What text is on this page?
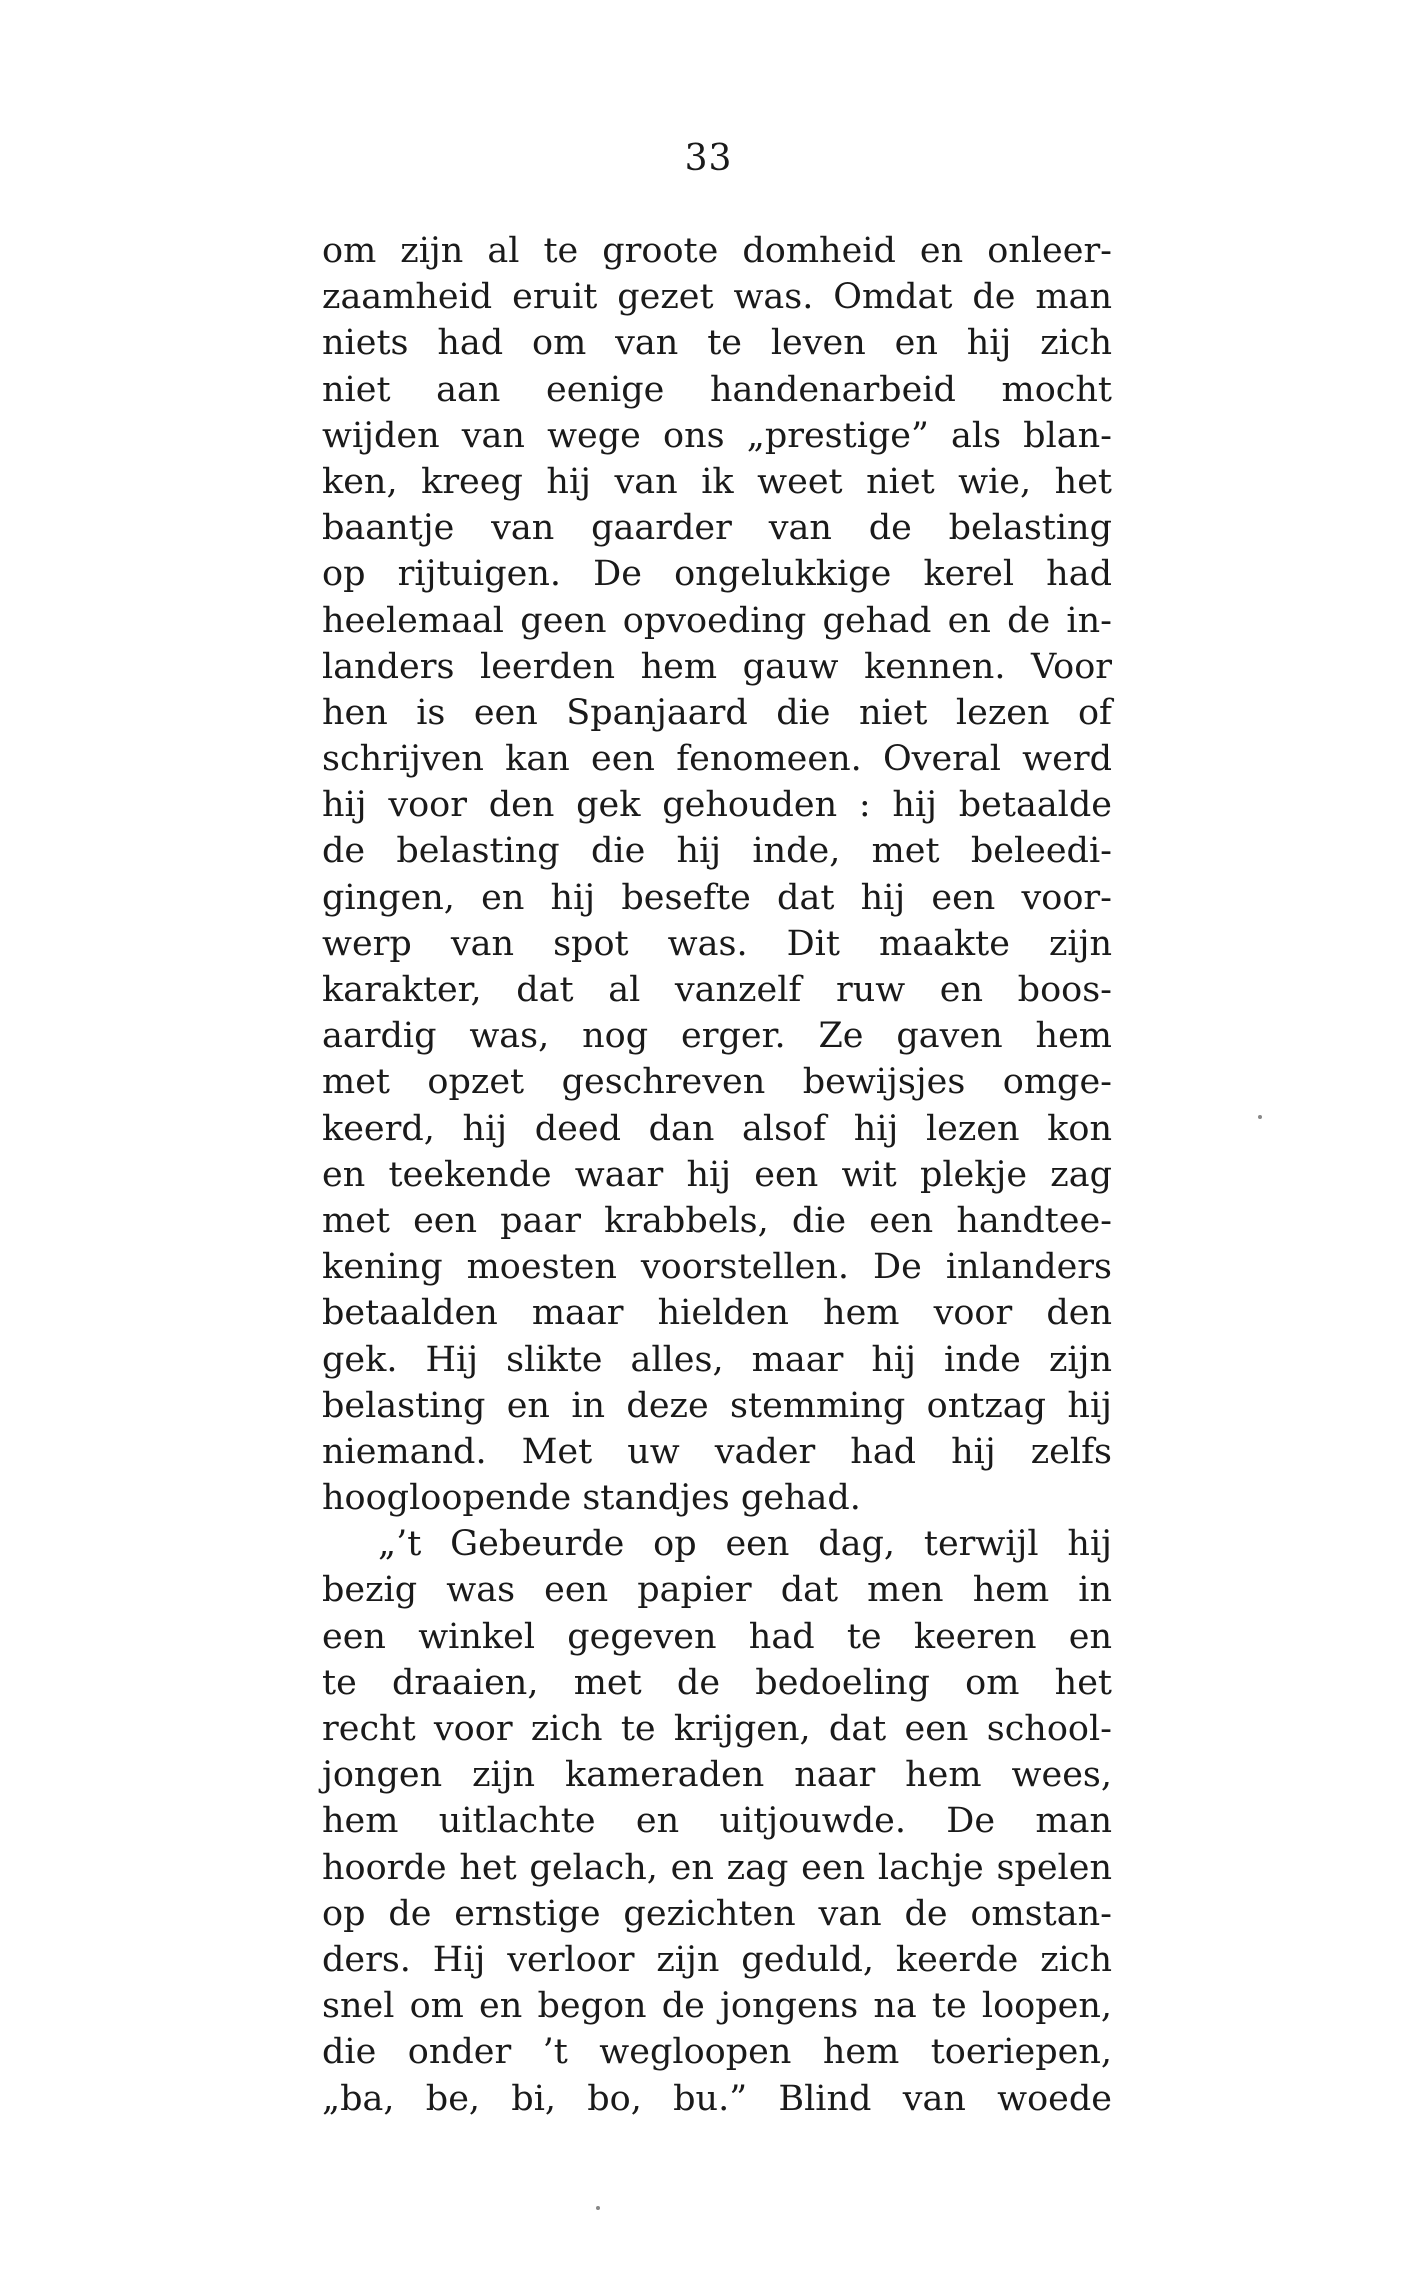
33
om zijn al te groote domheid en onleer-
zaamheid eruit gezet was. Omdat de man
niets had om van te leven en hij zich
niet aan eenige handenarbeid mocht
wijden van wege ons „prestige” als blan-
ken, kreeg hij van ik weet niet wie, het
baantje van gaarder van de belasting
op rijtuigen. De ongelukkige kerel had
heelemaal geen opvoeding gehad en de in-
landers leerden hem gauw kennen. Voor
hen is een Spanjaard die niet lezen of
schrijven kan een fenomeen. Overal werd
hij voor den gek gehouden : hij betaalde
de belasting die hij inde, met beleedi-
gingen, en hij besefte dat hij een voor-
werp van spot was. Dit maakte zijn
karakter, dat al vanzelf ruw en boos-
aardig was, nog erger. Ze gaven hem
met opzet geschreven bewijsjes omge-
keerd, hij deed dan alsof hij lezen kon
en teekende waar hij een wit plekje zag
met een paar krabbels, die een handtee-
kening moesten voorstellen. De inlanders
betaalden maar hielden hem voor den
gek. Hij slikte alles, maar hij inde zijn
belasting en in deze stemming ontzag hij
niemand. Met uw vader had hij zelfs
hoogloopende standjes gehad.
„’t Gebeurde op een dag, terwijl hij
bezig was een papier dat men hem in
een winkel gegeven had te keeren en
te draaien, met de bedoeling om het
recht voor zich te krijgen, dat een school-
jongen zijn kameraden naar hem wees,
hem uitlachte en uitjouwde. De man
hoorde het gelach, en zag een lachje spelen
op de ernstige gezichten van de omstan-
ders. Hij verloor zijn geduld, keerde zich
snel om en begon de jongens na te loopen,
die onder ’t wegloopen hem toeriepen,
„ba, be, bi, bo, bu.” Blind van woede
